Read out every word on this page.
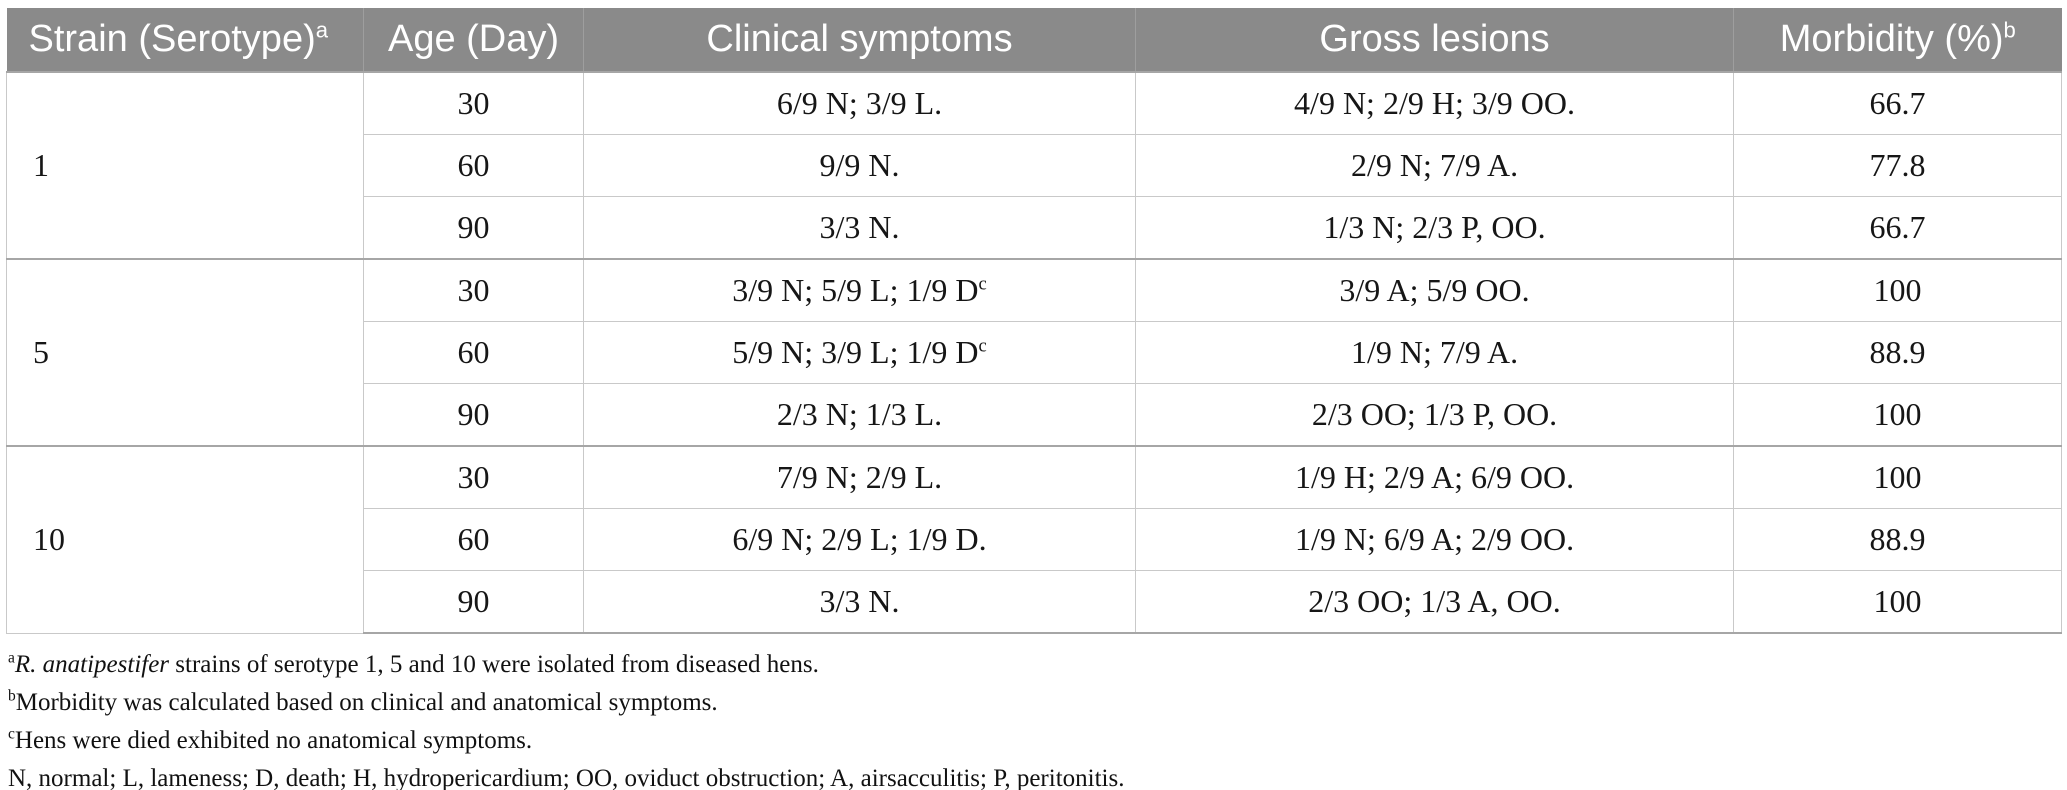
Strain (Serotype)$^a$	Age (Day)	Clinical symptoms	Gross lesions	Morbidity (%)$^b$
1	30	6/9 N; 3/9 L.	4/9 N; 2/9 H; 3/9 OO.	66.7
	60	9/9 N.	2/9 N; 7/9 A.	77.8
	90	3/3 N.	1/3 N; 2/3 P, OO.	66.7
5	30	3/9 N; 5/9 L; 1/9 $D^c$	3/9 A; 5/9 OO.	100
	60	5/9 N; 3/9 L; 1/9 $D^c$	1/9 N; 7/9 A.	88.9
	90	2/3 N; 1/3 L.	2/3 OO; 1/3 P, OO.	100
10	30	7/9 N; 2/9 L.	1/9 H; 2/9 A; 6/9 OO.	100
	60	6/9 N; 2/9 L; 1/9 D.	1/9 N; 6/9 A; 2/9 OO.	88.9
	90	3/3 N.	2/3 OO; 1/3 A, OO.	100

$^a$R. anatipestifer strains of serotype 1, 5 and 10 were isolated from diseased hens.

$^b$Morbidity was calculated based on clinical and anatomical symptoms.

$^c$Hens were died exhibited no anatomical symptoms.

N, normal; L, lameness; D, death; H, hydropericardium; OO, oviduct obstruction; A, airsacculitis; P, peritonitis.
